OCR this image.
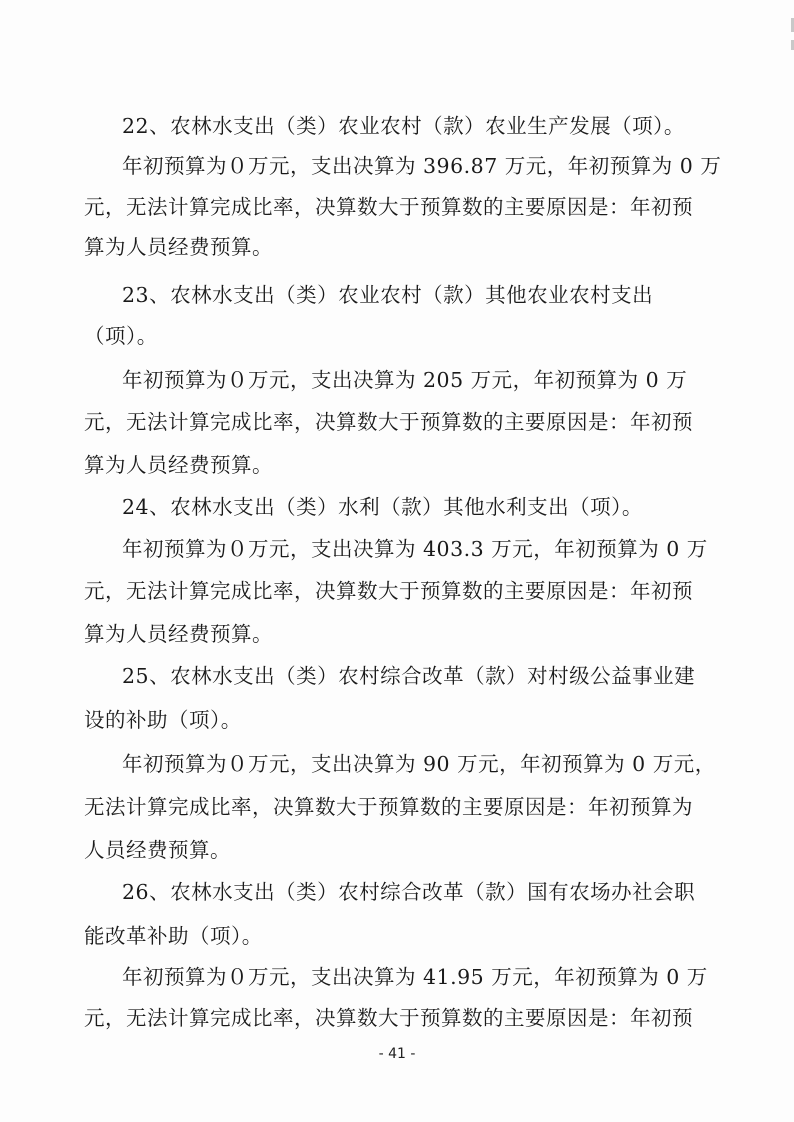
22、农林水支出（类）农业农村（款）农业生产发展（项）。
年初预算为０万元，支出决算为 396.87 万元，年初预算为 0 万
元，无法计算完成比率，决算数大于预算数的主要原因是：年初预
算为人员经费预算。
23、农林水支出（类）农业农村（款）其他农业农村支出
（项）。
年初预算为０万元，支出决算为 205 万元，年初预算为 0 万
元，无法计算完成比率，决算数大于预算数的主要原因是：年初预
算为人员经费预算。
24、农林水支出（类）水利（款）其他水利支出（项）。
年初预算为０万元，支出决算为 403.3 万元，年初预算为 0 万
元，无法计算完成比率，决算数大于预算数的主要原因是：年初预
算为人员经费预算。
25、农林水支出（类）农村综合改革（款）对村级公益事业建
设的补助（项）。
年初预算为０万元，支出决算为 90 万元，年初预算为 0 万元，
无法计算完成比率，决算数大于预算数的主要原因是：年初预算为
人员经费预算。
26、农林水支出（类）农村综合改革（款）国有农场办社会职
能改革补助（项）。
年初预算为０万元，支出决算为 41.95 万元，年初预算为 0 万
元，无法计算完成比率，决算数大于预算数的主要原因是：年初预
- 41 -
